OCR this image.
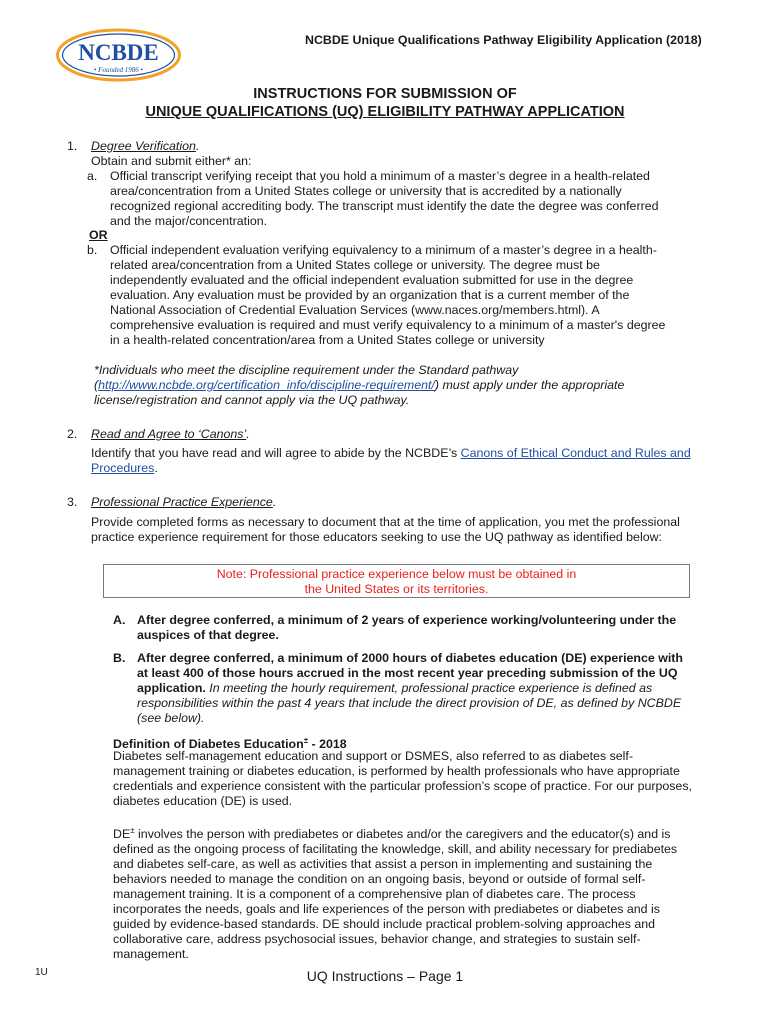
NCBDE Unique Qualifications Pathway Eligibility Application (2018)
NCBDE
• Founded 1986 •
INSTRUCTIONS FOR SUBMISSION OF
UNIQUE QUALIFICATIONS (UQ) ELIGIBILITY PATHWAY APPLICATION
1. Degree Verification.
Obtain and submit either* an:
a. Official transcript verifying receipt that you hold a minimum of a master’s degree in a health-related
area/concentration from a United States college or university that is accredited by a nationally
recognized regional accrediting body. The transcript must identify the date the degree was conferred
and the major/concentration.
OR
b. Official independent evaluation verifying equivalency to a minimum of a master’s degree in a health-
related area/concentration from a United States college or university. The degree must be
independently evaluated and the official independent evaluation submitted for use in the degree
evaluation. Any evaluation must be provided by an organization that is a current member of the
National Association of Credential Evaluation Services (www.naces.org/members.html). A
comprehensive evaluation is required and must verify equivalency to a minimum of a master's degree
in a health-related concentration/area from a United States college or university
*Individuals who meet the discipline requirement under the Standard pathway
(http://www.ncbde.org/certification_info/discipline-requirement/) must apply under the appropriate
license/registration and cannot apply via the UQ pathway.
2. Read and Agree to ‘Canons’.
Identify that you have read and will agree to abide by the NCBDE’s Canons of Ethical Conduct and Rules and
Procedures.
3. Professional Practice Experience.
Provide completed forms as necessary to document that at the time of application, you met the professional
practice experience requirement for those educators seeking to use the UQ pathway as identified below:
Note: Professional practice experience below must be obtained in
the United States or its territories.
A. After degree conferred, a minimum of 2 years of experience working/volunteering under the
auspices of that degree.
B. After degree conferred, a minimum of 2000 hours of diabetes education (DE) experience with
at least 400 of those hours accrued in the most recent year preceding submission of the UQ
application. In meeting the hourly requirement, professional practice experience is defined as
responsibilities within the past 4 years that include the direct provision of DE, as defined by NCBDE
(see below).
Definition of Diabetes Education± - 2018
Diabetes self-management education and support or DSMES, also referred to as diabetes self-
management training or diabetes education, is performed by health professionals who have appropriate
credentials and experience consistent with the particular profession’s scope of practice. For our purposes,
diabetes education (DE) is used.
DE± involves the person with prediabetes or diabetes and/or the caregivers and the educator(s) and is
defined as the ongoing process of facilitating the knowledge, skill, and ability necessary for prediabetes
and diabetes self-care, as well as activities that assist a person in implementing and sustaining the
behaviors needed to manage the condition on an ongoing basis, beyond or outside of formal self-
management training. It is a component of a comprehensive plan of diabetes care. The process
incorporates the needs, goals and life experiences of the person with prediabetes or diabetes and is
guided by evidence-based standards. DE should include practical problem-solving approaches and
collaborative care, address psychosocial issues, behavior change, and strategies to sustain self-
management.
1U	UQ Instructions – Page 1
